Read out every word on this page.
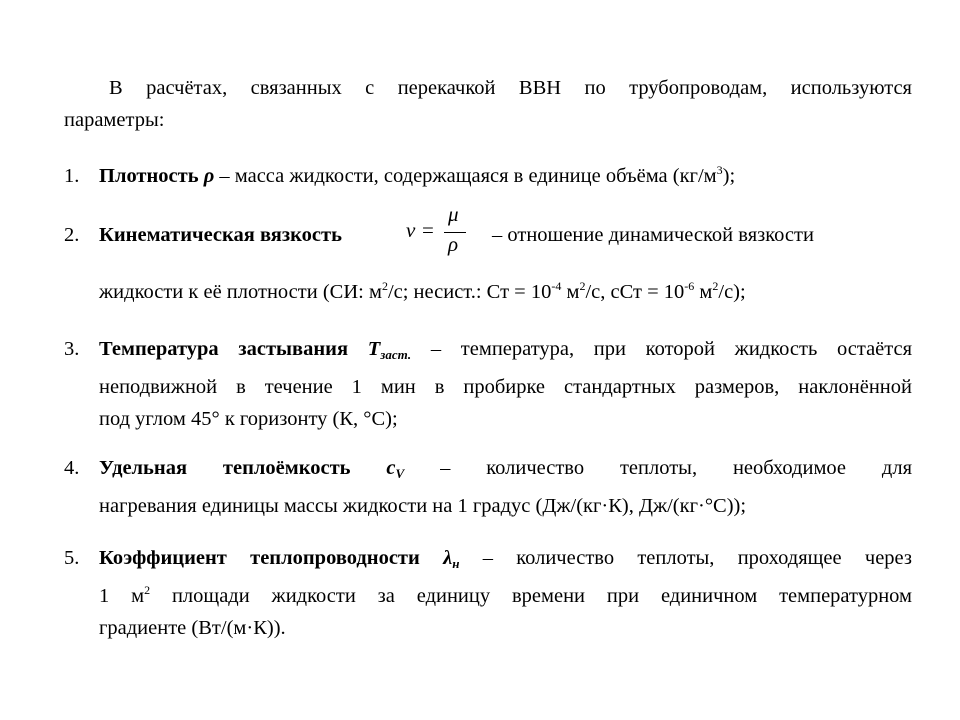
В расчётах, связанных с перекачкой ВВН по трубопроводам, используются
параметры:
1. Плотность ρ – масса жидкости, содержащаяся в единице объёма $(кг/м^3)$;
2. Кинематическая вязкость	ν =
μ
ρ – отношение динамической вязкости
жидкости к её плотности (СИ: $м^2/с$; несист.: Ст = $10^{-4}$ $м^2/с$, сСт = $10^{-6}$ $м^2/с$);
3. Температура застывания $T_{заст.}$ – температура, при которой жидкость остаётся
неподвижной в течение 1 мин в пробирке стандартных размеров, наклонённой
под углом 45° к горизонту (К, °С);
4. Удельная теплоёмкость $c_V$ – количество теплоты, необходимое для
нагревания единицы массы жидкости на 1 градус (Дж/(кг·К), Дж/(кг·°С));
5. Коэффициент теплопроводности $\lambda_н$ – количество теплоты, проходящее через
1 $м^2$ площади жидкости за единицу времени при единичном температурном
градиенте (Вт/(м·К)).
